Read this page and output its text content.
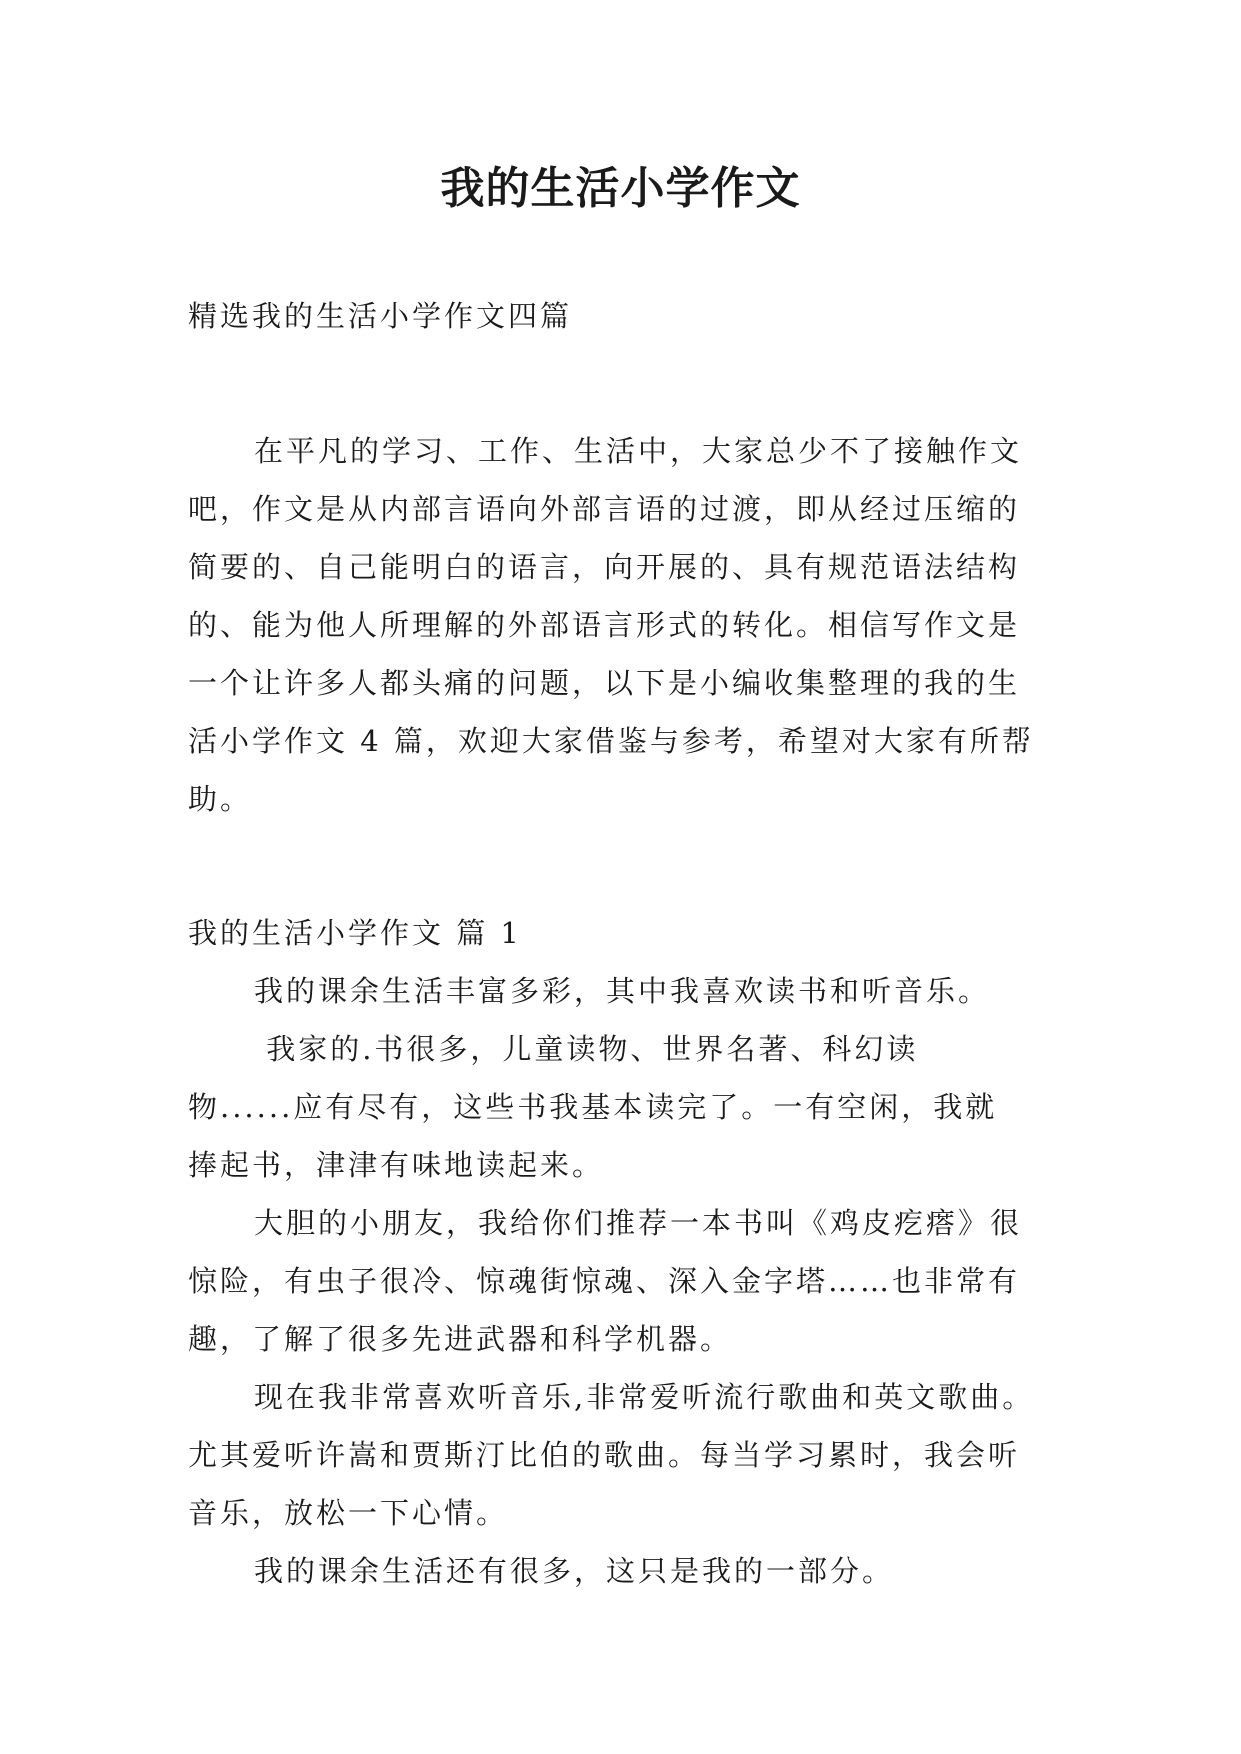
我的生活小学作文
精选我的生活小学作文四篇
在平凡的学习、工作、生活中，大家总少不了接触作文
吧，作文是从内部言语向外部言语的过渡，即从经过压缩的
简要的、自己能明白的语言，向开展的、具有规范语法结构
的、能为他人所理解的外部语言形式的转化。相信写作文是
一个让许多人都头痛的问题，以下是小编收集整理的我的生
活小学作文 4 篇，欢迎大家借鉴与参考，希望对大家有所帮
助。
我的生活小学作文 篇 1
我的课余生活丰富多彩，其中我喜欢读书和听音乐。
我家的.书很多，儿童读物、世界名著、科幻读
物......应有尽有，这些书我基本读完了。一有空闲，我就
捧起书，津津有味地读起来。
大胆的小朋友，我给你们推荐一本书叫《鸡皮疙瘩》很
惊险，有虫子很冷、惊魂街惊魂、深入金字塔……也非常有
趣，了解了很多先进武器和科学机器。
现在我非常喜欢听音乐,非常爱听流行歌曲和英文歌曲。
尤其爱听许嵩和贾斯汀比伯的歌曲。每当学习累时，我会听
音乐，放松一下心情。
我的课余生活还有很多，这只是我的一部分。
